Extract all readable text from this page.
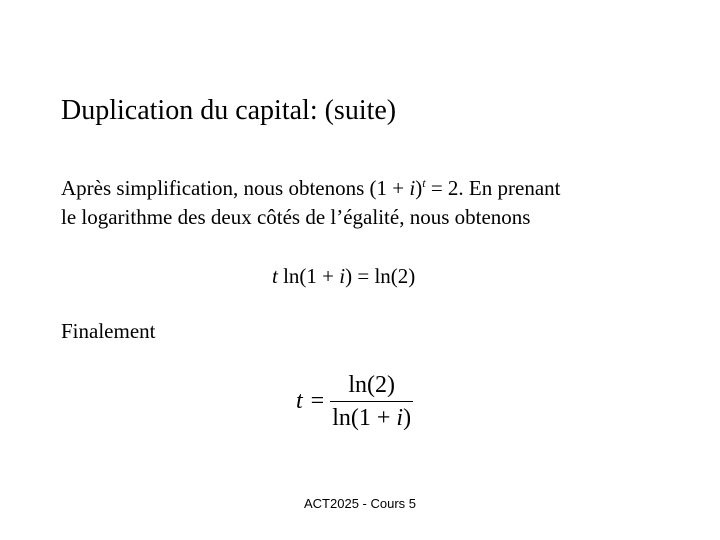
Duplication du capital: (suite)
Après simplification, nous obtenons $(1 + i)^t = 2$. En prenant
le logarithme des deux côtés de l’égalité, nous obtenons
t ln(1 + i) = ln(2)
Finalement
$t = \frac{\ln(2)}{\ln(1 + i)}$
ACT2025 - Cours 5
